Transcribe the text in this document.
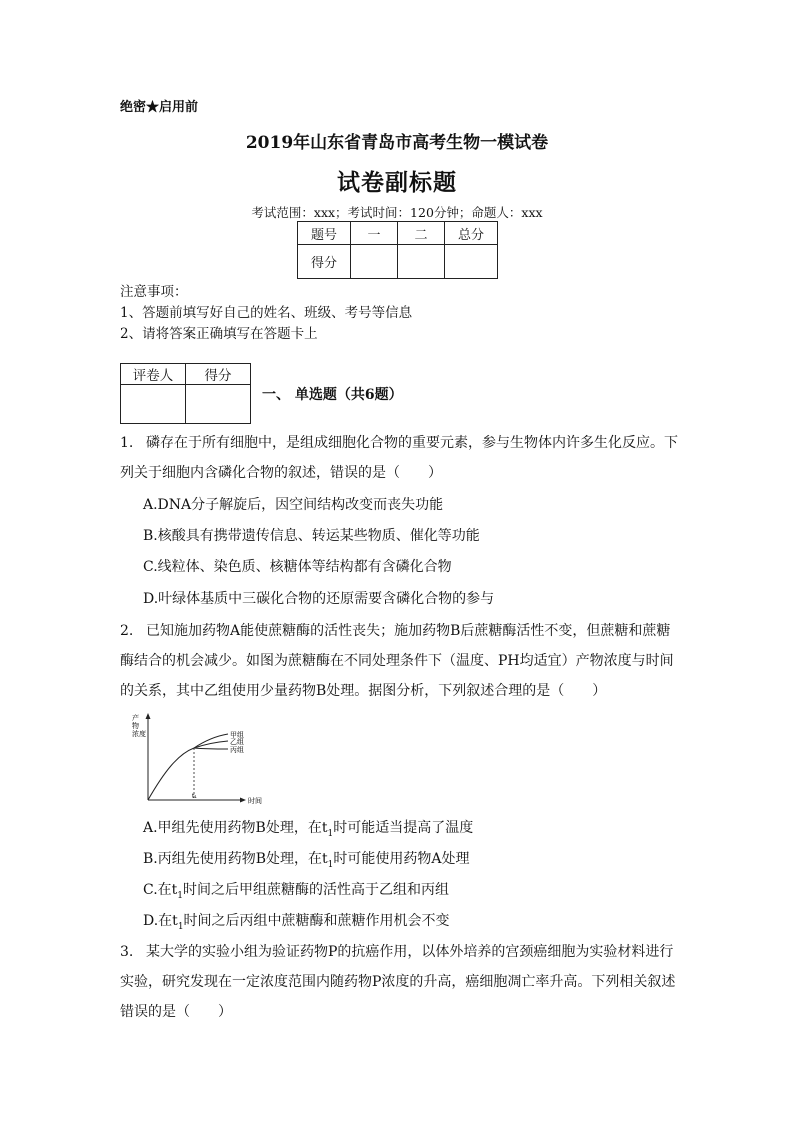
绝密★启用前
2019年山东省青岛市高考生物一模试卷
试卷副标题
考试范围：xxx；考试时间：120分钟；命题人：xxx
题号	一	二	总分
得分			
注意事项：
1、答题前填写好自己的姓名、班级、考号等信息
2、请将答案正确填写在答题卡上
评卷人	得分

一、 单选题（共6题）
1. 磷存在于所有细胞中，是组成细胞化合物的重要元素，参与生物体内许多生化反应。下列关于细胞内含磷化合物的叙述，错误的是（　　）
A.DNA分子解旋后，因空间结构改变而丧失功能
B.核酸具有携带遗传信息、转运某些物质、催化等功能
C.线粒体、染色质、核糖体等结构都有含磷化合物
D.叶绿体基质中三碳化合物的还原需要含磷化合物的参与
2. 已知施加药物A能使蔗糖酶的活性丧失；施加药物B后蔗糖酶活性不变，但蔗糖和蔗糖酶结合的机会减少。如图为蔗糖酶在不同处理条件下（温度、PH均适宜）产物浓度与时间的关系，其中乙组使用少量药物B处理。据图分析，下列叙述合理的是（　　）
产
物
浓度	甲组
乙组
丙组
t₁
时间
A.甲组先使用药物B处理，在$t_1$时可能适当提高了温度
B.丙组先使用药物B处理，在$t_1$时可能使用药物A处理
C.在$t_1$时间之后甲组蔗糖酶的活性高于乙组和丙组
D.在$t_1$时间之后丙组中蔗糖酶和蔗糖作用机会不变
3. 某大学的实验小组为验证药物P的抗癌作用，以体外培养的宫颈癌细胞为实验材料进行实验，研究发现在一定浓度范围内随药物P浓度的升高，癌细胞凋亡率升高。下列相关叙述错误的是（　　）
